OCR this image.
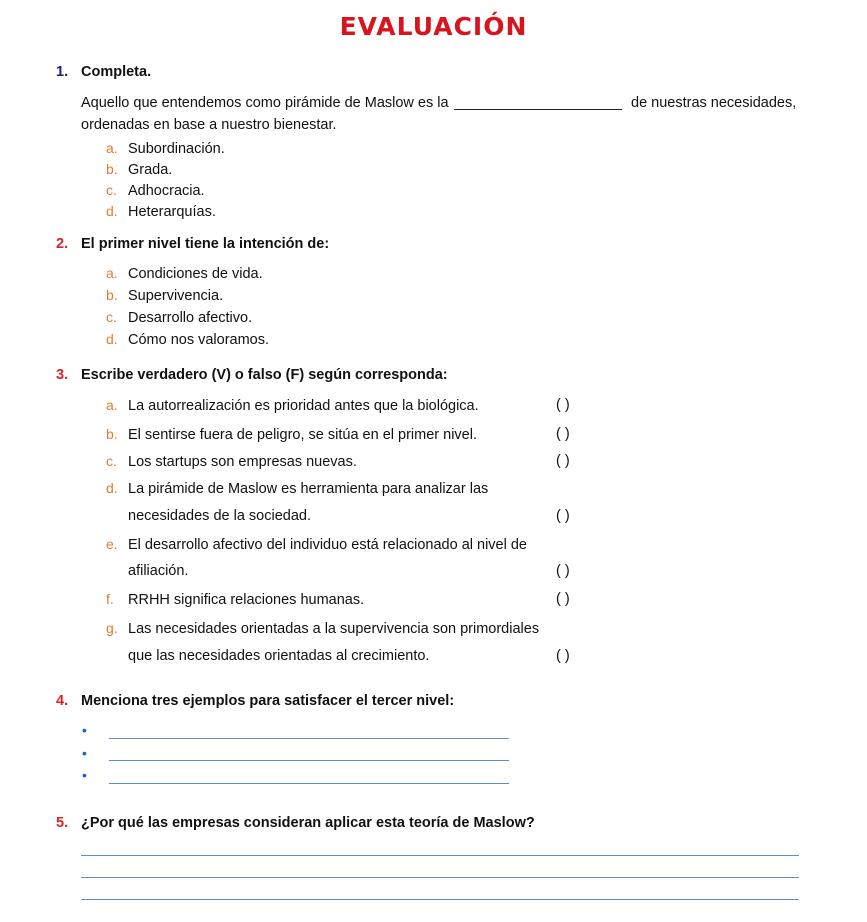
EVALUACIÓN
1. Completa.
Aquello que entendemos como pirámide de Maslow es la	de nuestras necesidades,
ordenadas en base a nuestro bienestar.
a. Subordinación.
b. Grada.
c. Adhocracia.
d. Heterarquías.
2. El primer nivel tiene la intención de:
a. Condiciones de vida.
b. Supervivencia.
c. Desarrollo afectivo.
d. Cómo nos valoramos.
3. Escribe verdadero (V) o falso (F) según corresponda:
a. La autorrealización es prioridad antes que la biológica.	( )
b. El sentirse fuera de peligro, se sitúa en el primer nivel.	( )
c. Los startups son empresas nuevas.	( )
d. La pirámide de Maslow es herramienta para analizar las
necesidades de la sociedad.	( )
e. El desarrollo afectivo del individuo está relacionado al nivel de
afiliación.	( )
f. RRHH significa relaciones humanas.	( )
g. Las necesidades orientadas a la supervivencia son primordiales
que las necesidades orientadas al crecimiento.	( )
4. Menciona tres ejemplos para satisfacer el tercer nivel:
•
•
•
5. ¿Por qué las empresas consideran aplicar esta teoría de Maslow?
